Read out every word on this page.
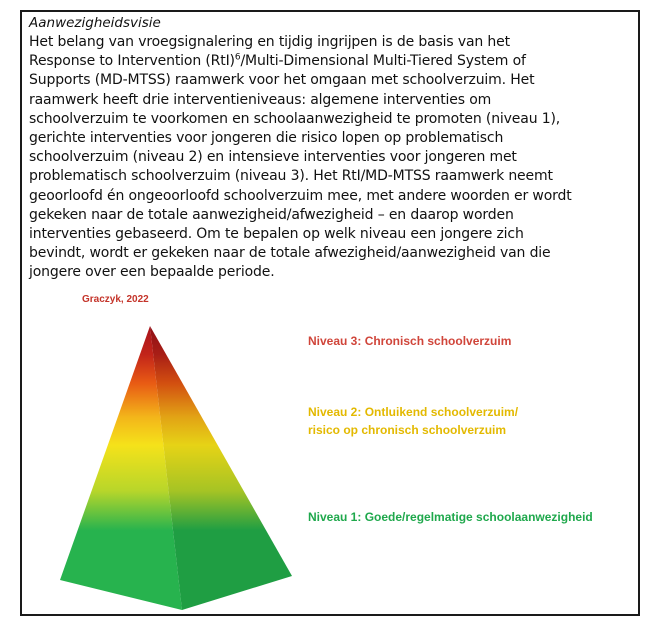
Aanwezigheidsvisie
Het belang van vroegsignalering en tijdig ingrijpen is de basis van het
Response to Intervention (RtI)$^6$/Multi-Dimensional Multi-Tiered System of
Supports (MD-MTSS) raamwerk voor het omgaan met schoolverzuim. Het
raamwerk heeft drie interventieniveaus: algemene interventies om
schoolverzuim te voorkomen en schoolaanwezigheid te promoten (niveau 1),
gerichte interventies voor jongeren die risico lopen op problematisch
schoolverzuim (niveau 2) en intensieve interventies voor jongeren met
problematisch schoolverzuim (niveau 3). Het RtI/MD-MTSS raamwerk neemt
geoorloofd én ongeoorloofd schoolverzuim mee, met andere woorden er wordt
gekeken naar de totale aanwezigheid/afwezigheid – en daarop worden
interventies gebaseerd. Om te bepalen op welk niveau een jongere zich
bevindt, wordt er gekeken naar de totale afwezigheid/aanwezigheid van die
jongere over een bepaalde periode.
Graczyk, 2022
Niveau 3: Chronisch schoolverzuim
Niveau 2: Ontluikend schoolverzuim/
risico op chronisch schoolverzuim
Niveau 1: Goede/regelmatige schoolaanwezigheid
